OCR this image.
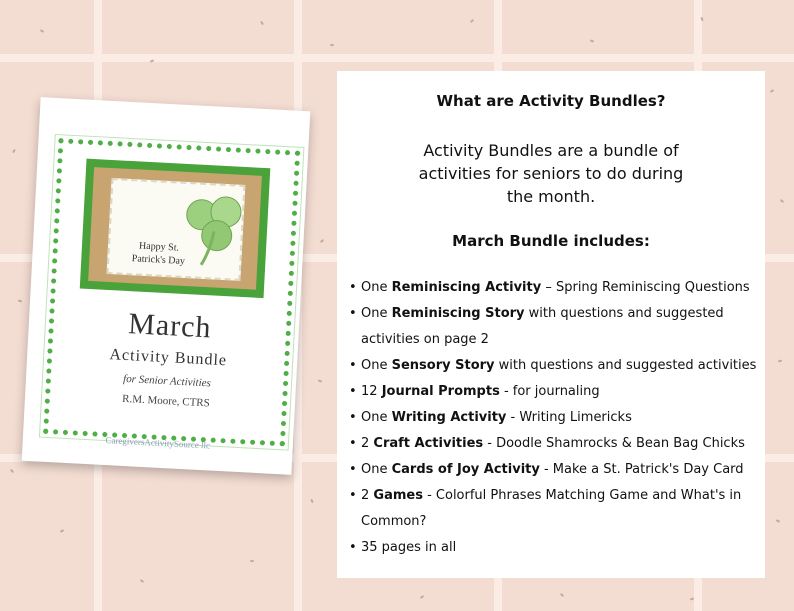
Happy St. Patrick's Day
March
Activity Bundle
for Senior Activities
R.M. Moore, CTRS
CaregiversActivitySource llc
What are Activity Bundles?
Activity Bundles are a bundle of activities for seniors to do during the month.
March Bundle includes:
• One Reminiscing Activity – Spring Reminiscing Questions
• One Reminiscing Story with questions and suggested activities on page 2
• One Sensory Story with questions and suggested activities
• 12 Journal Prompts - for journaling
• One Writing Activity - Writing Limericks
• 2 Craft Activities - Doodle Shamrocks & Bean Bag Chicks
• One Cards of Joy Activity - Make a St. Patrick's Day Card
• 2 Games - Colorful Phrases Matching Game and What's in Common?
• 35 pages in all
